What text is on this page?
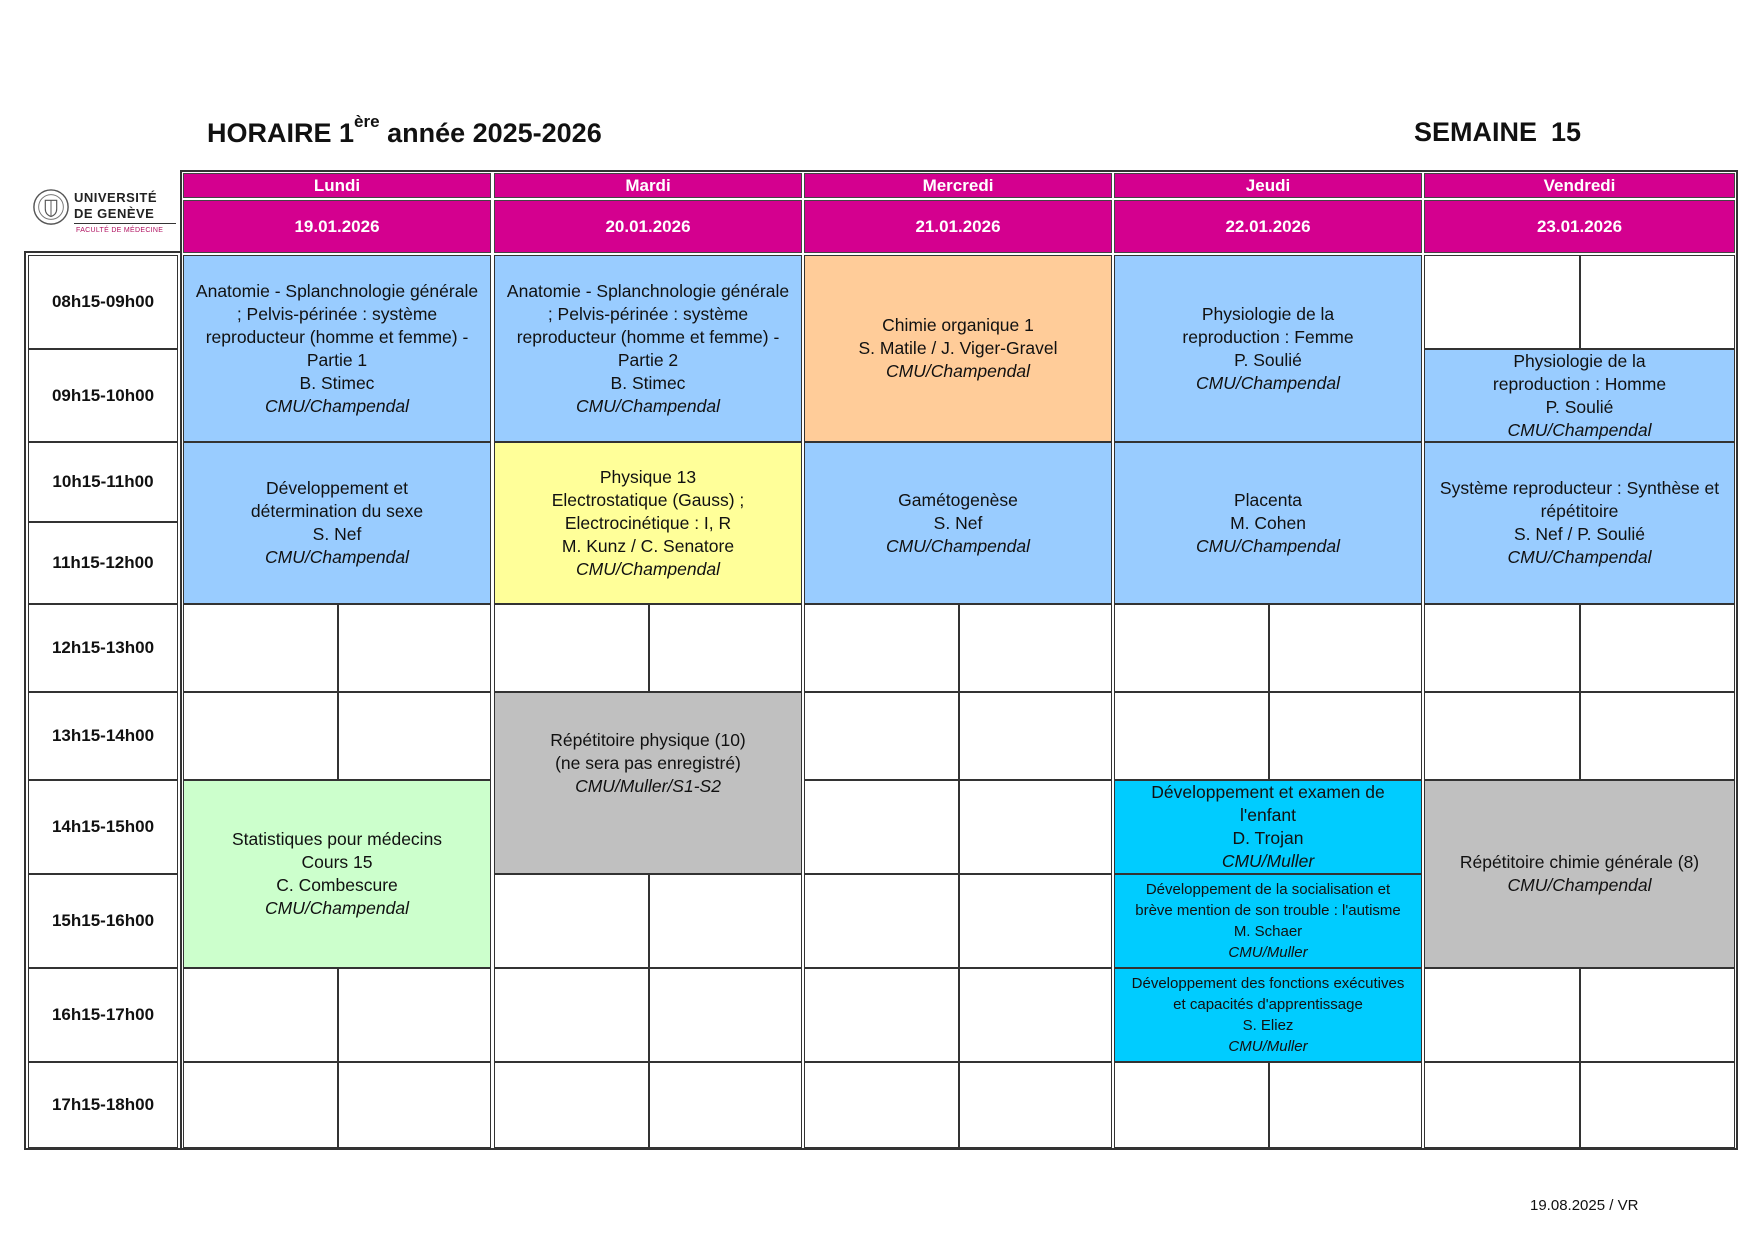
HORAIRE 1ère année 2025-2026	SEMAINE 15
UNIVERSITÉ
DE GENÈVE
FACULTÉ DE MÉDECINE
Lundi
19.01.2026
Mardi
20.01.2026
Mercredi
21.01.2026
Jeudi
22.01.2026
Vendredi
23.01.2026
08h15-09h00
09h15-10h00
10h15-11h00
11h15-12h00
12h15-13h00
13h15-14h00
14h15-15h00
15h15-16h00
16h15-17h00
17h15-18h00
Anatomie - Splanchnologie générale
; Pelvis-périnée : système
reproducteur (homme et femme) -
Partie 1
B. Stimec
CMU/Champendal
Anatomie - Splanchnologie générale
; Pelvis-périnée : système
reproducteur (homme et femme) -
Partie 2
B. Stimec
CMU/Champendal
Chimie organique 1
S. Matile / J. Viger-Gravel
CMU/Champendal
Physiologie de la
reproduction : Femme
P. Soulié
CMU/Champendal
Physiologie de la
reproduction : Homme
P. Soulié
CMU/Champendal
Développement et
détermination du sexe
S. Nef
CMU/Champendal
Physique 13
Electrostatique (Gauss) ;
Electrocinétique : I, R
M. Kunz / C. Senatore
CMU/Champendal
Gamétogenèse
S. Nef
CMU/Champendal
Placenta
M. Cohen
CMU/Champendal
Système reproducteur : Synthèse et
répétitoire
S. Nef / P. Soulié
CMU/Champendal
Répétitoire physique (10)
(ne sera pas enregistré)
CMU/Muller/S1-S2
Statistiques pour médecins
Cours 15
C. Combescure
CMU/Champendal
Développement et examen de
l'enfant
D. Trojan
CMU/Muller
Développement de la socialisation et
brève mention de son trouble : l'autisme
M. Schaer
CMU/Muller
Développement des fonctions exécutives
et capacités d'apprentissage
S. Eliez
CMU/Muller
Répétitoire chimie générale (8)
CMU/Champendal
19.08.2025 / VR
